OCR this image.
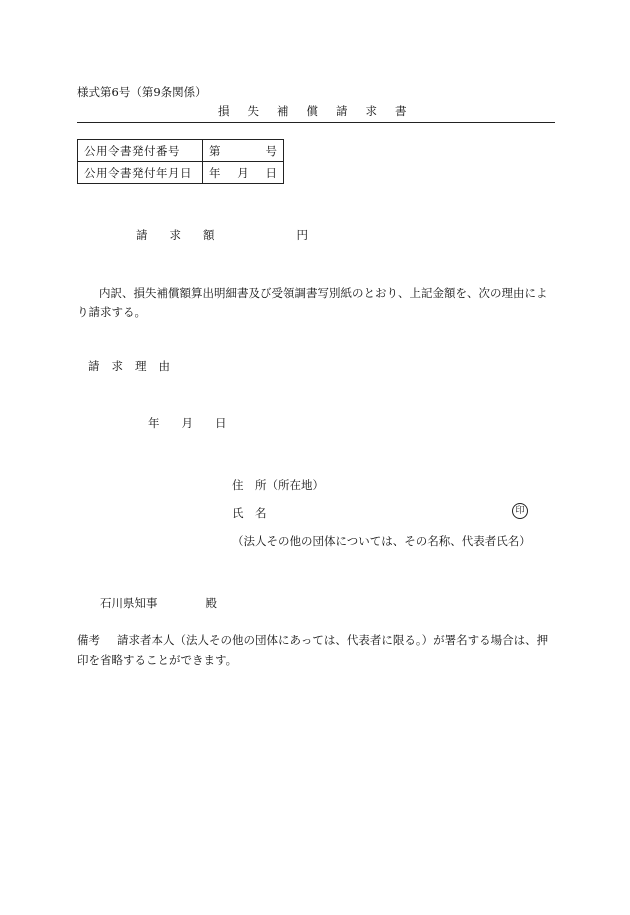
様式第6号（第9条関係）
損 失 補 償 請 求 書
公用令書発付番号	第 号

公用令書発付年月日	年 月 日
請 求 額	円
内訳、損失補償額算出明細書及び受領調書写別紙のとおり、上記金額を、次の理由により請求する。
請 求 理 由
年 月 日
住　所（所在地）
氏　名	印
（法人その他の団体については、その名称、代表者氏名）
石川県知事	殿
備考 請求者本人（法人その他の団体にあっては、代表者に限る。）が署名する場合は、押印を省略することができます。
